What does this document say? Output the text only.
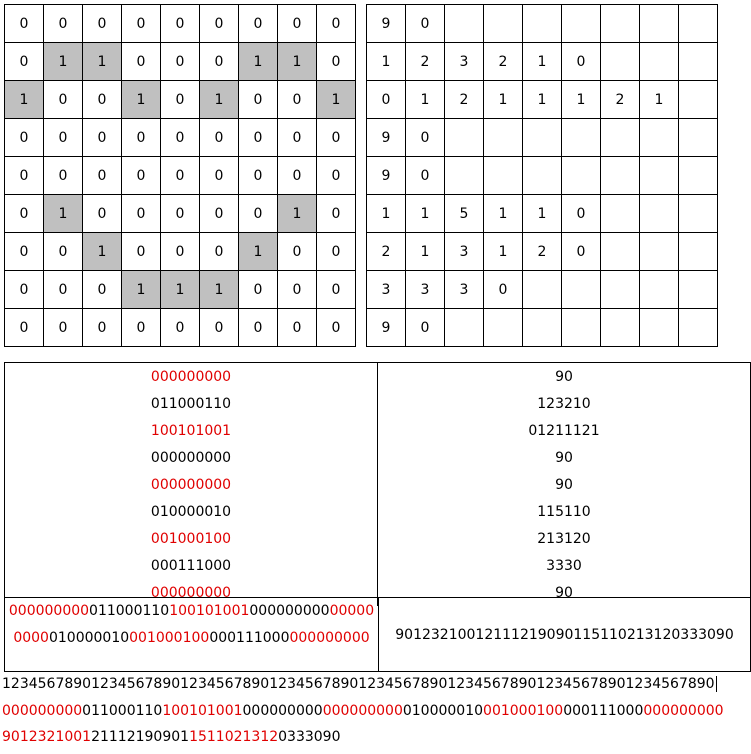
0	0	0	0	0	0	0	0	0
0	1	1	0	0	0	1	1	0
1	0	0	1	0	1	0	0	1
0	0	0	0	0	0	0	0	0
0	0	0	0	0	0	0	0	0
0	1	0	0	0	0	0	1	0
0	0	1	0	0	0	1	0	0
0	0	0	1	1	1	0	0	0
0	0	0	0	0	0	0	0	0
9	0							
1	2	3	2	1	0			
0	1	2	1	1	1	2	1	
9	0							
9	0							
1	1	5	1	1	0			
2	1	3	1	2	0			
3	3	3	0					
9	0							
000000000	90
011000110	123210
100101001	01211121
000000000	90
000000000	90
010000010	115110
001000100	213120
000111000	3330
000000000	90
000000000011000110100101001000000000000000000010000010001000100000111000000000000	90123210012111219090115110213120333090
12345678901234567890123456789012345678901234567890123456789012345678901234567890
000000000011000110100101001000000000000000000010000010001000100000111000000000000
90123210012111219090115110213120333090
